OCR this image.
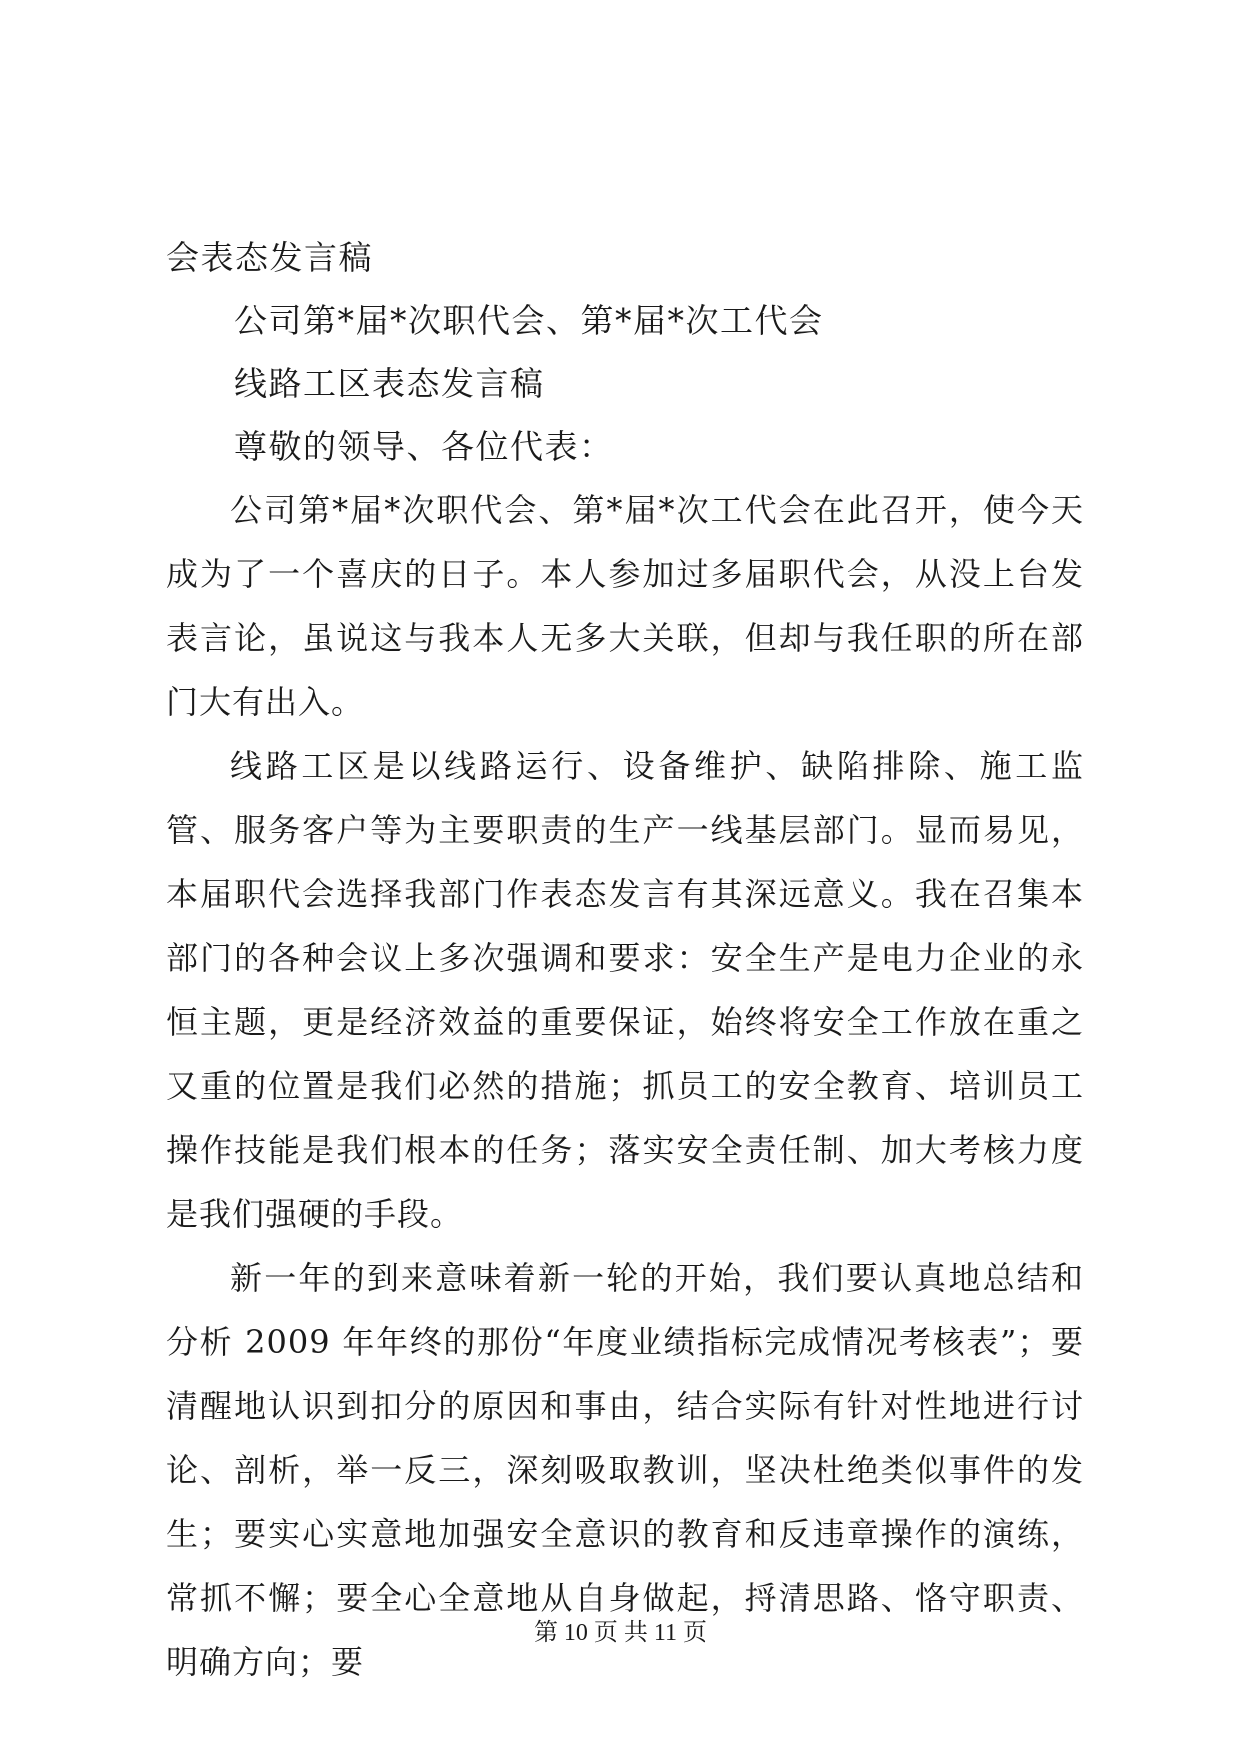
会表态发言稿
公司第*届*次职代会、第*届*次工代会
线路工区表态发言稿
尊敬的领导、各位代表：

公司第*届*次职代会、第*届*次工代会在此召开，使今天成为了一个喜庆的日子。本人参加过多届职代会，从没上台发表言论，虽说这与我本人无多大关联，但却与我任职的所在部门大有出入。

线路工区是以线路运行、设备维护、缺陷排除、施工监管、服务客户等为主要职责的生产一线基层部门。显而易见，本届职代会选择我部门作表态发言有其深远意义。我在召集本部门的各种会议上多次强调和要求：安全生产是电力企业的永恒主题，更是经济效益的重要保证，始终将安全工作放在重之又重的位置是我们必然的措施；抓员工的安全教育、培训员工操作技能是我们根本的任务；落实安全责任制、加大考核力度是我们强硬的手段。

新一年的到来意味着新一轮的开始，我们要认真地总结和分析 2009 年年终的那份“年度业绩指标完成情况考核表”；要清醒地认识到扣分的原因和事由，结合实际有针对性地进行讨论、剖析，举一反三，深刻吸取教训，坚决杜绝类似事件的发生；要实心实意地加强安全意识的教育和反违章操作的演练，常抓不懈；要全心全意地从自身做起，捋清思路、恪守职责、明确方向；要

第 10 页 共 11 页
